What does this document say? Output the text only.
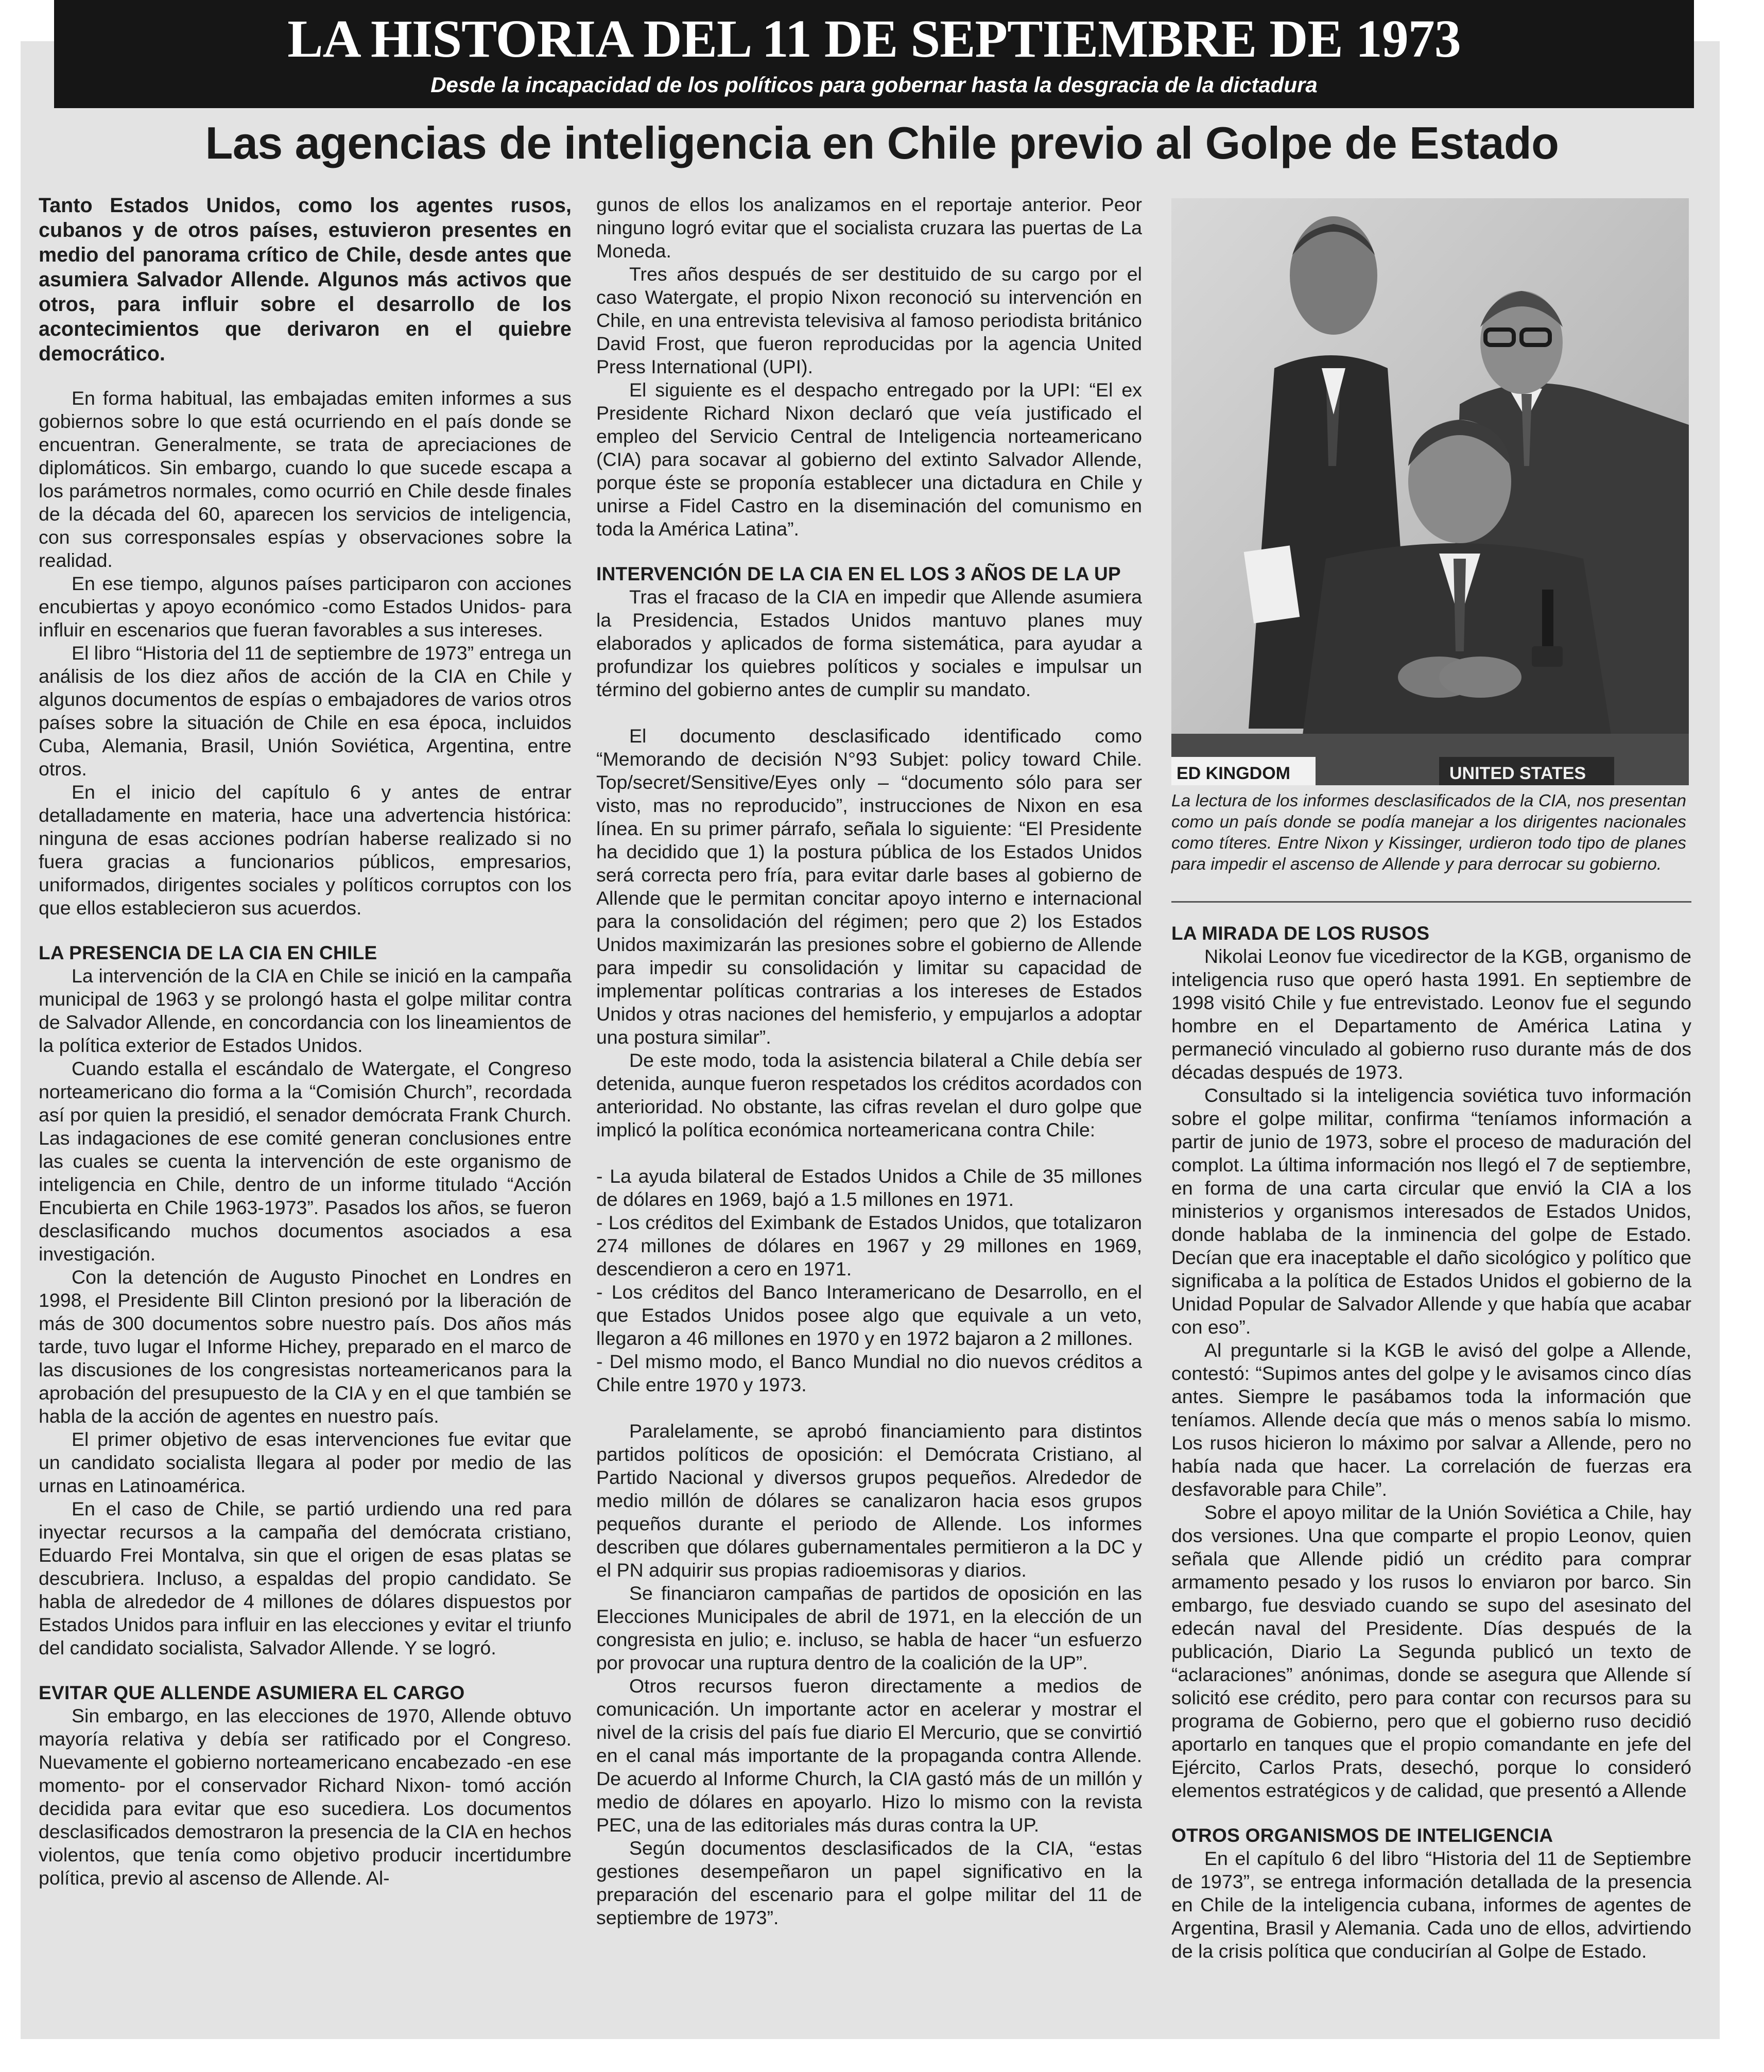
LA HISTORIA DEL 11 DE SEPTIEMBRE DE 1973
Desde la incapacidad de los políticos para gobernar hasta la desgracia de la dictadura
Las agencias de inteligencia en Chile previo al Golpe de Estado

Tanto Estados Unidos, como los agentes rusos, cubanos y de otros países, estuvieron presentes en medio del panorama crítico de Chile, desde antes que asumiera Salvador Allende. Algunos más activos que otros, para influir sobre el desarrollo de los acontecimientos que derivaron en el quiebre democrático.

En forma habitual, las embajadas emiten informes a sus gobiernos sobre lo que está ocurriendo en el país donde se encuentran. Generalmente, se trata de apreciaciones de diplomáticos. Sin embargo, cuando lo que sucede escapa a los parámetros normales, como ocurrió en Chile desde finales de la década del 60, aparecen los servicios de inteligencia, con sus corresponsales espías y observaciones sobre la realidad.

En ese tiempo, algunos países participaron con acciones encubiertas y apoyo económico -como Estados Unidos- para influir en escenarios que fueran favorables a sus intereses.

El libro “Historia del 11 de septiembre de 1973” entrega un análisis de los diez años de acción de la CIA en Chile y algunos documentos de espías o embajadores de varios otros países sobre la situación de Chile en esa época, incluidos Cuba, Alemania, Brasil, Unión Soviética, Argentina, entre otros.

En el inicio del capítulo 6 y antes de entrar detalladamente en materia, hace una advertencia histórica: ninguna de esas acciones podrían haberse realizado si no fuera gracias a funcionarios públicos, empresarios, uniformados, dirigentes sociales y políticos corruptos con los que ellos establecieron sus acuerdos.

LA PRESENCIA DE LA CIA EN CHILE

La intervención de la CIA en Chile se inició en la campaña municipal de 1963 y se prolongó hasta el golpe militar contra de Salvador Allende, en concordancia con los lineamientos de la política exterior de Estados Unidos.

Cuando estalla el escándalo de Watergate, el Congreso norteamericano dio forma a la “Comisión Church”, recordada así por quien la presidió, el senador demócrata Frank Church. Las indagaciones de ese comité generan conclusiones entre las cuales se cuenta la intervención de este organismo de inteligencia en Chile, dentro de un informe titulado “Acción Encubierta en Chile 1963-1973”. Pasados los años, se fueron desclasificando muchos documentos asociados a esa investigación.

Con la detención de Augusto Pinochet en Londres en 1998, el Presidente Bill Clinton presionó por la liberación de más de 300 documentos sobre nuestro país. Dos años más tarde, tuvo lugar el Informe Hichey, preparado en el marco de las discusiones de los congresistas norteamericanos para la aprobación del presupuesto de la CIA y en el que también se habla de la acción de agentes en nuestro país.

El primer objetivo de esas intervenciones fue evitar que un candidato socialista llegara al poder por medio de las urnas en Latinoamérica.

En el caso de Chile, se partió urdiendo una red para inyectar recursos a la campaña del demócrata cristiano, Eduardo Frei Montalva, sin que el origen de esas platas se descubriera. Incluso, a espaldas del propio candidato. Se habla de alrededor de 4 millones de dólares dispuestos por Estados Unidos para influir en las elecciones y evitar el triunfo del candidato socialista, Salvador Allende. Y se logró.

EVITAR QUE ALLENDE ASUMIERA EL CARGO

Sin embargo, en las elecciones de 1970, Allende obtuvo mayoría relativa y debía ser ratificado por el Congreso. Nuevamente el gobierno norteamericano encabezado -en ese momento- por el conservador Richard Nixon- tomó acción decidida para evitar que eso sucediera. Los documentos desclasificados demostraron la presencia de la CIA en hechos violentos, que tenía como objetivo producir incertidumbre política, previo al ascenso de Allende. Al-

gunos de ellos los analizamos en el reportaje anterior. Peor ninguno logró evitar que el socialista cruzara las puertas de La Moneda.

Tres años después de ser destituido de su cargo por el caso Watergate, el propio Nixon reconoció su intervención en Chile, en una entrevista televisiva al famoso periodista británico David Frost, que fueron reproducidas por la agencia United Press International (UPI).

El siguiente es el despacho entregado por la UPI: “El ex Presidente Richard Nixon declaró que veía justificado el empleo del Servicio Central de Inteligencia norteamericano (CIA) para socavar al gobierno del extinto Salvador Allende, porque éste se proponía establecer una dictadura en Chile y unirse a Fidel Castro en la diseminación del comunismo en toda la América Latina”.

INTERVENCIÓN DE LA CIA EN EL LOS 3 AÑOS DE LA UP

Tras el fracaso de la CIA en impedir que Allende asumiera la Presidencia, Estados Unidos mantuvo planes muy elaborados y aplicados de forma sistemática, para ayudar a profundizar los quiebres políticos y sociales e impulsar un término del gobierno antes de cumplir su mandato.

El documento desclasificado identificado como “Memorando de decisión N°93 Subjet: policy toward Chile. Top/secret/Sensitive/Eyes only – “documento sólo para ser visto, mas no reproducido”, instrucciones de Nixon en esa línea. En su primer párrafo, señala lo siguiente: “El Presidente ha decidido que 1) la postura pública de los Estados Unidos será correcta pero fría, para evitar darle bases al gobierno de Allende que le permitan concitar apoyo interno e internacional para la consolidación del régimen; pero que 2) los Estados Unidos maximizarán las presiones sobre el gobierno de Allende para impedir su consolidación y limitar su capacidad de implementar políticas contrarias a los intereses de Estados Unidos y otras naciones del hemisferio, y empujarlos a adoptar una postura similar”.

De este modo, toda la asistencia bilateral a Chile debía ser detenida, aunque fueron respetados los créditos acordados con anterioridad. No obstante, las cifras revelan el duro golpe que implicó la política económica norteamericana contra Chile:

- La ayuda bilateral de Estados Unidos a Chile de 35 millones de dólares en 1969, bajó a 1.5 millones en 1971.

- Los créditos del Eximbank de Estados Unidos, que totalizaron 274 millones de dólares en 1967 y 29 millones en 1969, descendieron a cero en 1971.

- Los créditos del Banco Interamericano de Desarrollo, en el que Estados Unidos posee algo que equivale a un veto, llegaron a 46 millones en 1970 y en 1972 bajaron a 2 millones.

- Del mismo modo, el Banco Mundial no dio nuevos créditos a Chile entre 1970 y 1973.

Paralelamente, se aprobó financiamiento para distintos partidos políticos de oposición: el Demócrata Cristiano, al Partido Nacional y diversos grupos pequeños. Alrededor de medio millón de dólares se canalizaron hacia esos grupos pequeños durante el periodo de Allende. Los informes describen que dólares gubernamentales permitieron a la DC y el PN adquirir sus propias radioemisoras y diarios.

Se financiaron campañas de partidos de oposición en las Elecciones Municipales de abril de 1971, en la elección de un congresista en julio; e. incluso, se habla de hacer “un esfuerzo por provocar una ruptura dentro de la coalición de la UP”.

Otros recursos fueron directamente a medios de comunicación. Un importante actor en acelerar y mostrar el nivel de la crisis del país fue diario El Mercurio, que se convirtió en el canal más importante de la propaganda contra Allende. De acuerdo al Informe Church, la CIA gastó más de un millón y medio de dólares en apoyarlo. Hizo lo mismo con la revista PEC, una de las editoriales más duras contra la UP.

Según documentos desclasificados de la CIA, “estas gestiones desempeñaron un papel significativo en la preparación del escenario para el golpe militar del 11 de septiembre de 1973”.

ED KINGDOM	UNITED STATES
La lectura de los informes desclasificados de la CIA, nos presentan como un país donde se podía manejar a los dirigentes nacionales como títeres. Entre Nixon y Kissinger, urdieron todo tipo de planes para impedir el ascenso de Allende y para derrocar su gobierno.
LA MIRADA DE LOS RUSOS

Nikolai Leonov fue vicedirector de la KGB, organismo de inteligencia ruso que operó hasta 1991. En septiembre de 1998 visitó Chile y fue entrevistado. Leonov fue el segundo hombre en el Departamento de América Latina y permaneció vinculado al gobierno ruso durante más de dos décadas después de 1973.

Consultado si la inteligencia soviética tuvo información sobre el golpe militar, confirma “teníamos información a partir de junio de 1973, sobre el proceso de maduración del complot. La última información nos llegó el 7 de septiembre, en forma de una carta circular que envió la CIA a los ministerios y organismos interesados de Estados Unidos, donde hablaba de la inminencia del golpe de Estado. Decían que era inaceptable el daño sicológico y político que significaba a la política de Estados Unidos el gobierno de la Unidad Popular de Salvador Allende y que había que acabar con eso”.

Al preguntarle si la KGB le avisó del golpe a Allende, contestó: “Supimos antes del golpe y le avisamos cinco días antes. Siempre le pasábamos toda la información que teníamos. Allende decía que más o menos sabía lo mismo. Los rusos hicieron lo máximo por salvar a Allende, pero no había nada que hacer. La correlación de fuerzas era desfavorable para Chile”.

Sobre el apoyo militar de la Unión Soviética a Chile, hay dos versiones. Una que comparte el propio Leonov, quien señala que Allende pidió un crédito para comprar armamento pesado y los rusos lo enviaron por barco. Sin embargo, fue desviado cuando se supo del asesinato del edecán naval del Presidente. Días después de la publicación, Diario La Segunda publicó un texto de “aclaraciones” anónimas, donde se asegura que Allende sí solicitó ese crédito, pero para contar con recursos para su programa de Gobierno, pero que el gobierno ruso decidió aportarlo en tanques que el propio comandante en jefe del Ejército, Carlos Prats, desechó, porque lo consideró elementos estratégicos y de calidad, que presentó a Allende

OTROS ORGANISMOS DE INTELIGENCIA

En el capítulo 6 del libro “Historia del 11 de Septiembre de 1973”, se entrega información detallada de la presencia en Chile de la inteligencia cubana, informes de agentes de Argentina, Brasil y Alemania. Cada uno de ellos, advirtiendo de la crisis política que conducirían al Golpe de Estado.
